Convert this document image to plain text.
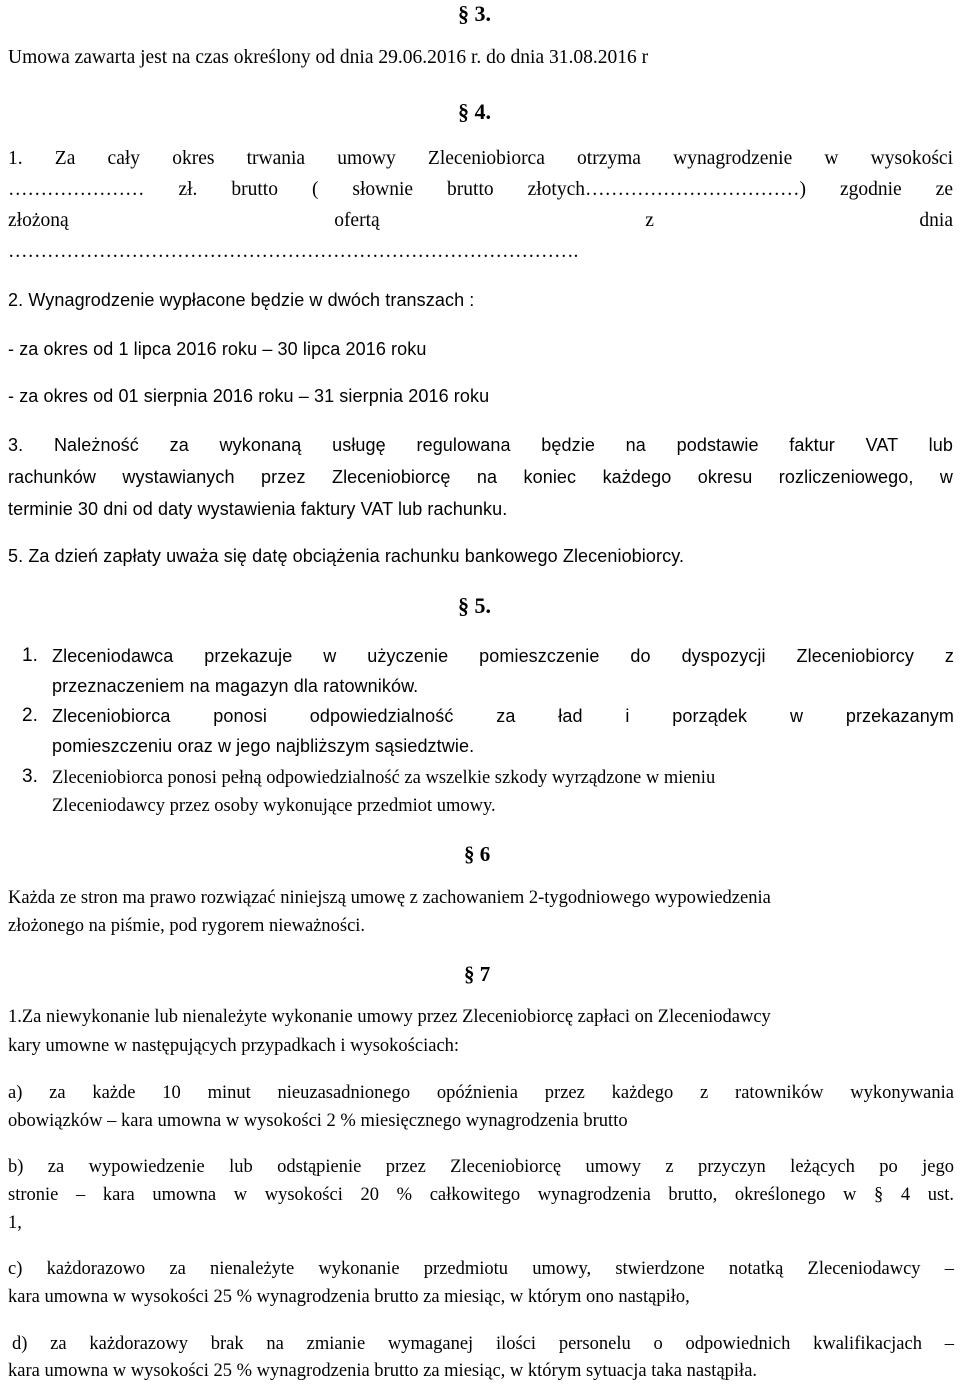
§ 3.

Umowa zawarta jest na czas określony od dnia 29.06.2016 r. do dnia 31.08.2016 r

§ 4.

1. Za cały okres trwania umowy Zleceniobiorca otrzyma wynagrodzenie w wysokości

………………… zł. brutto ( słownie brutto złotych……………………………) zgodnie ze

złożoną ofertą z dnia

…………………………………………………………………………….

2. Wynagrodzenie wypłacone będzie w dwóch transzach :

- za okres od 1 lipca 2016 roku – 30 lipca 2016 roku

- za okres od 01 sierpnia 2016 roku – 31 sierpnia 2016 roku

3. Należność za wykonaną usługę regulowana będzie na podstawie faktur VAT lub

rachunków wystawianych przez Zleceniobiorcę na koniec każdego okresu rozliczeniowego, w

terminie 30 dni od daty wystawienia faktury VAT lub rachunku.

5. Za dzień zapłaty uważa się datę obciążenia rachunku bankowego Zleceniobiorcy.

§ 5.

1. Zleceniodawca przekazuje w użyczenie pomieszczenie do dyspozycji Zleceniobiorcy z

przeznaczeniem na magazyn dla ratowników.

2. Zleceniobiorca ponosi odpowiedzialność za ład i porządek w przekazanym

pomieszczeniu oraz w jego najbliższym sąsiedztwie.

3. Zleceniobiorca ponosi pełną odpowiedzialność za wszelkie szkody wyrządzone w mieniu

Zleceniodawcy przez osoby wykonujące przedmiot umowy.

§ 6

Każda ze stron ma prawo rozwiązać niniejszą umowę z zachowaniem 2-tygodniowego wypowiedzenia

złożonego na piśmie, pod rygorem nieważności.

§ 7

1.Za niewykonanie lub nienależyte wykonanie umowy przez Zleceniobiorcę zapłaci on Zleceniodawcy

kary umowne w następujących przypadkach i wysokościach:

a) za każde 10 minut nieuzasadnionego opóźnienia przez każdego z ratowników wykonywania

obowiązków – kara umowna w wysokości 2 % miesięcznego wynagrodzenia brutto

b) za wypowiedzenie lub odstąpienie przez Zleceniobiorcę umowy z przyczyn leżących po jego

stronie – kara umowna w wysokości 20 % całkowitego wynagrodzenia brutto, określonego w § 4 ust.

1,

c) każdorazowo za nienależyte wykonanie przedmiotu umowy, stwierdzone notatką Zleceniodawcy –

kara umowna w wysokości 25 % wynagrodzenia brutto za miesiąc, w którym ono nastąpiło,

d) za każdorazowy brak na zmianie wymaganej ilości personelu o odpowiednich kwalifikacjach –

kara umowna w wysokości 25 % wynagrodzenia brutto za miesiąc, w którym sytuacja taka nastąpiła.
